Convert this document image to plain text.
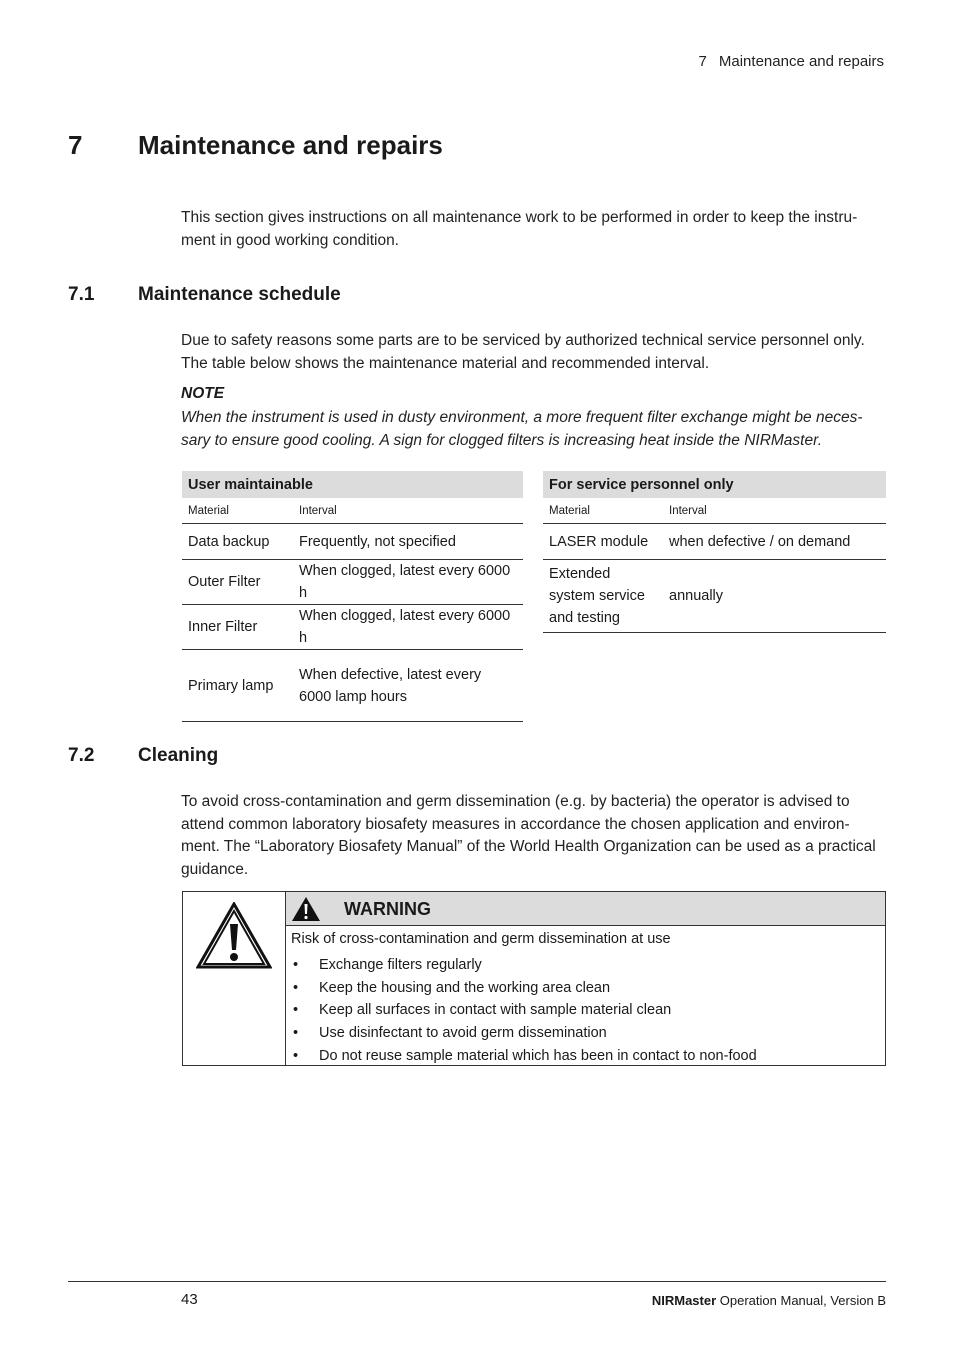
7 Maintenance and repairs
7 Maintenance and repairs
This section gives instructions on all maintenance work to be performed in order to keep the instru-ment in good working condition.
7.1 Maintenance schedule
Due to safety reasons some parts are to be serviced by authorized technical service personnel only. The table below shows the maintenance material and recommended interval.
NOTE
When the instrument is used in dusty environment, a more frequent filter exchange might be neces-sary to ensure good cooling. A sign for clogged filters is increasing heat inside the NIRMaster.
User maintainable	
Material	Interval
Data backup	Frequently, not specified
Outer Filter	When clogged, latest every 6000 h
Inner Filter	When clogged, latest every 6000 h
Primary lamp	When defective, latest every 6000 lamp hours
For service personnel only	
Material	Interval
LASER module	when defective / on demand
Extended system service and testing	annually
7.2 Cleaning
To avoid cross-contamination and germ dissemination (e.g. by bacteria) the operator is advised to attend common laboratory biosafety measures in accordance the chosen application and environ-ment. The “Laboratory Biosafety Manual” of the World Health Organization can be used as a practical guidance.
WARNING
Risk of cross-contamination and germ dissemination at use
• Exchange filters regularly
• Keep the housing and the working area clean
• Keep all surfaces in contact with sample material clean
• Use disinfectant to avoid germ dissemination
• Do not reuse sample material which has been in contact to non-food
43	NIRMaster Operation Manual, Version B
